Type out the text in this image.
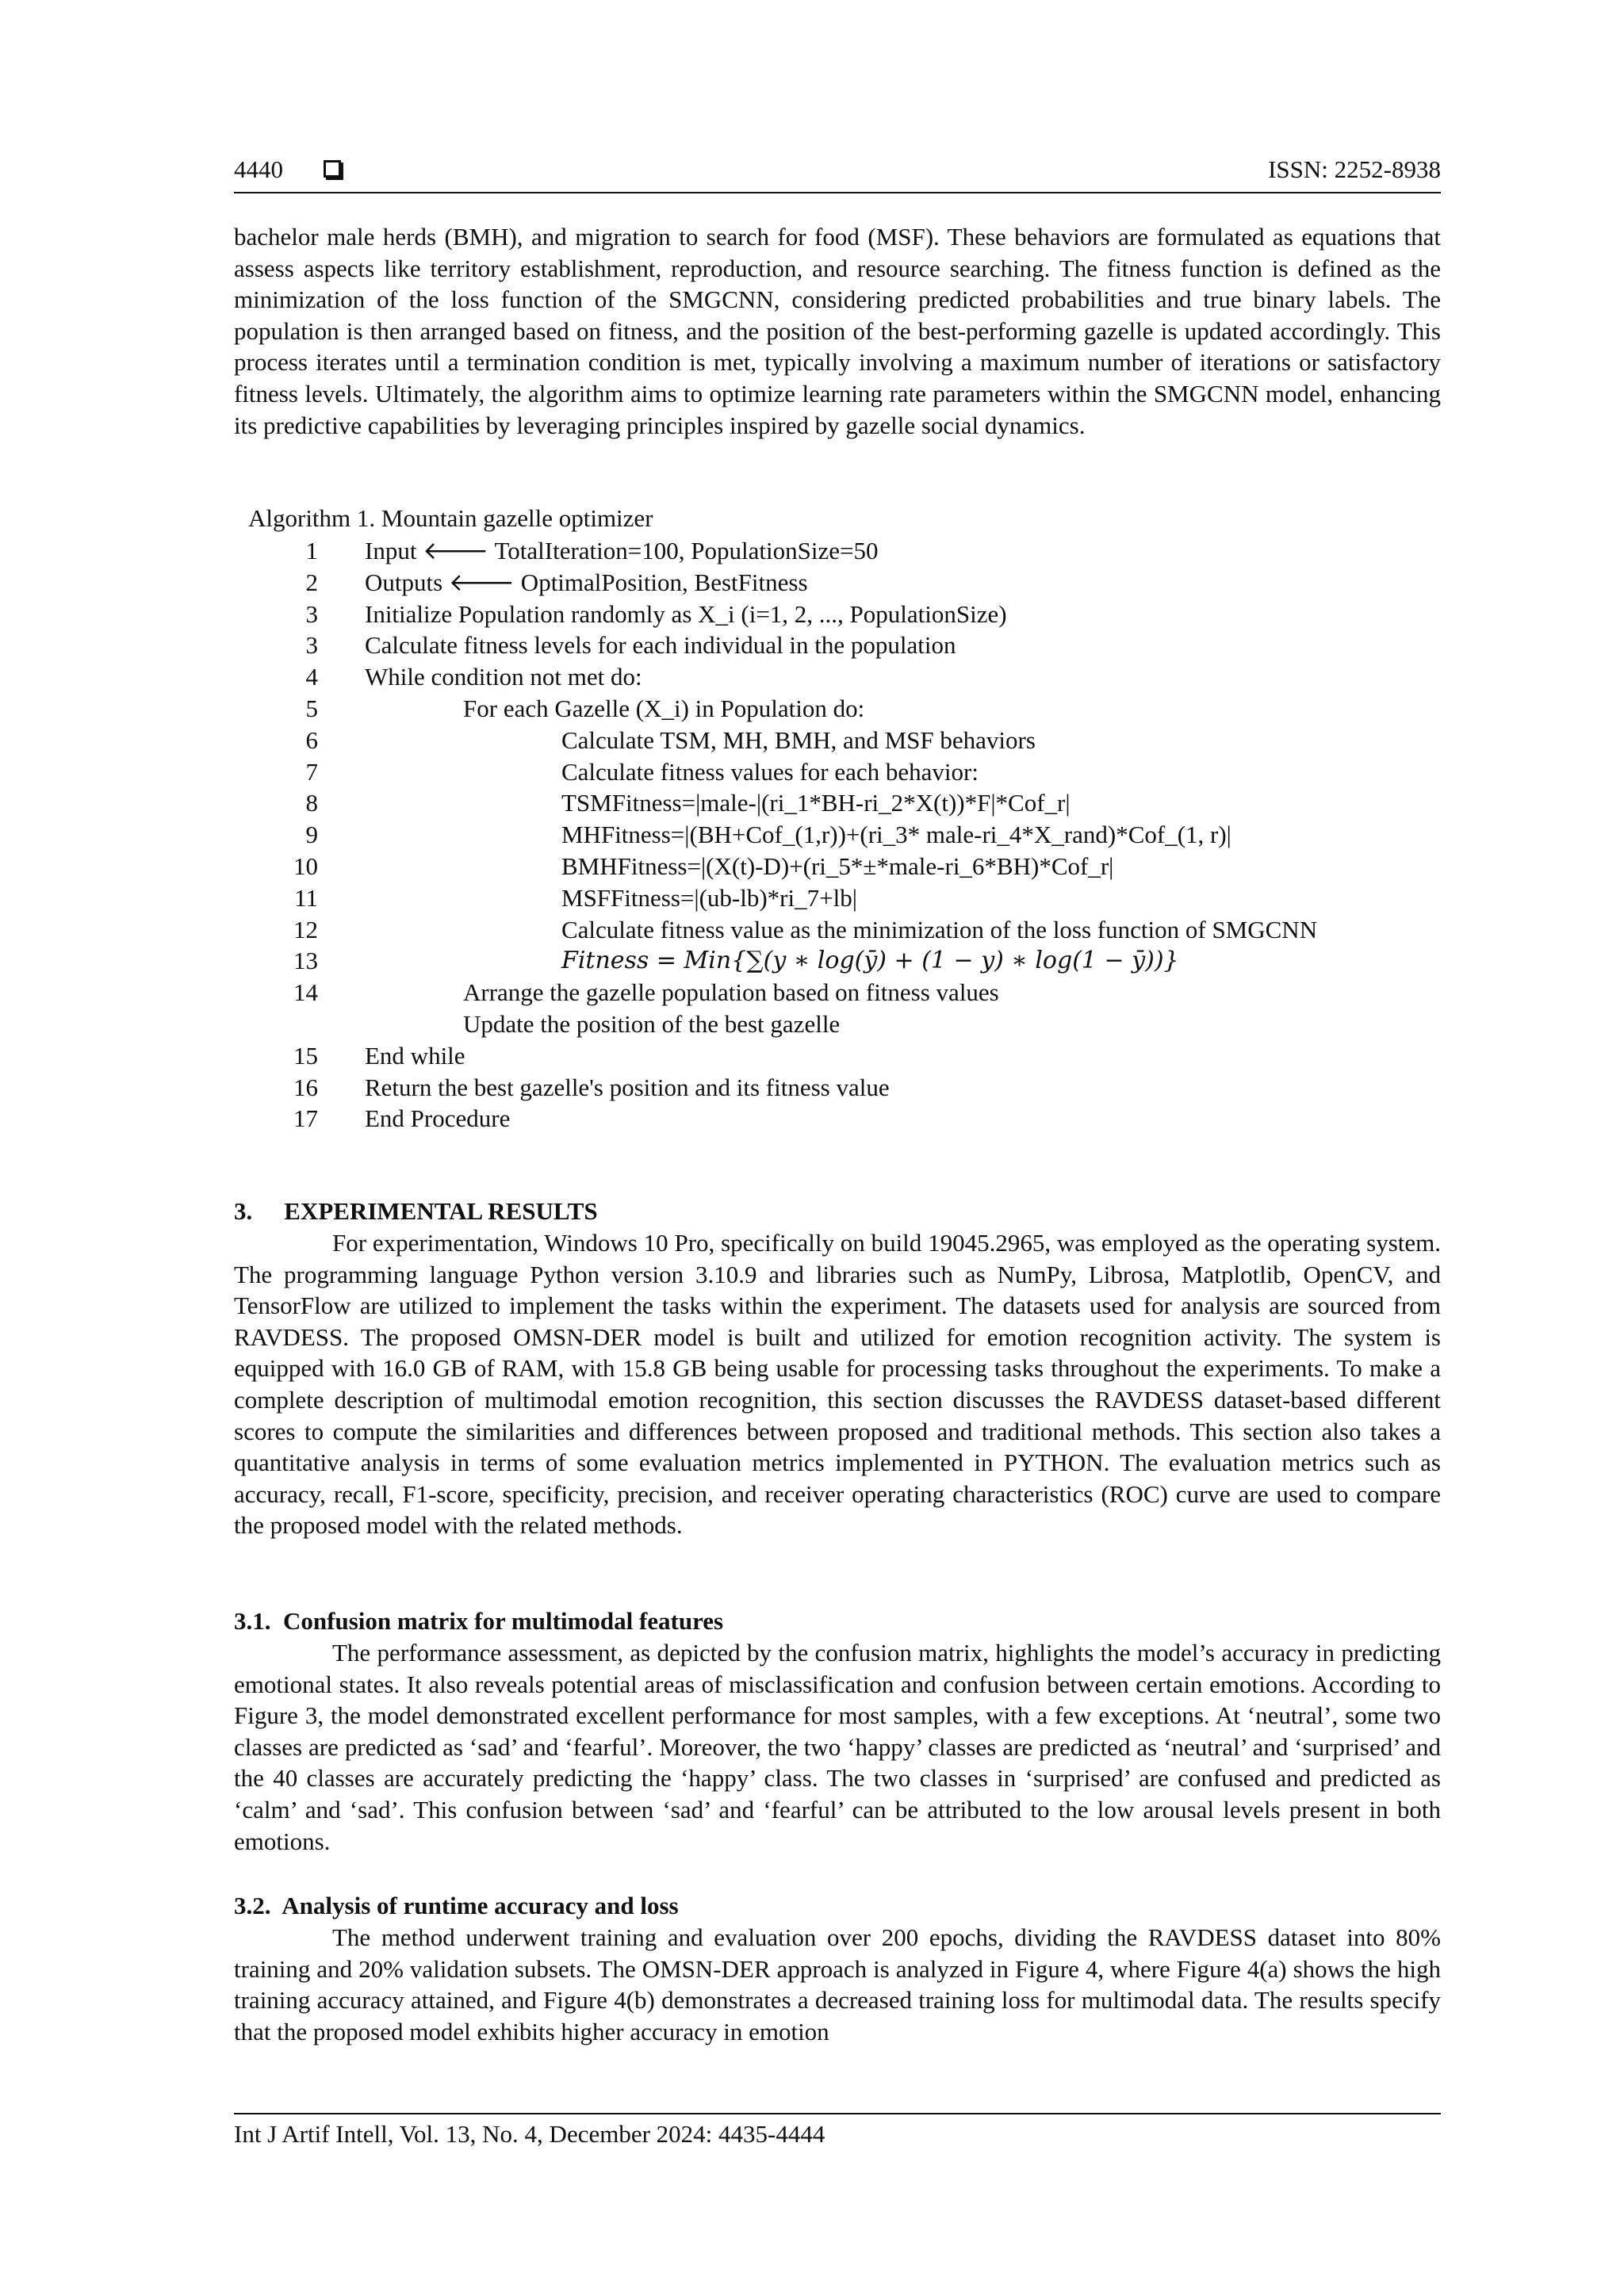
4440	ISSN: 2252-8938

bachelor male herds (BMH), and migration to search for food (MSF). These behaviors are formulated as equations that assess aspects like territory establishment, reproduction, and resource searching. The fitness function is defined as the minimization of the loss function of the SMGCNN, considering predicted probabilities and true binary labels. The population is then arranged based on fitness, and the position of the best-performing gazelle is updated accordingly. This process iterates until a termination condition is met, typically involving a maximum number of iterations or satisfactory fitness levels. Ultimately, the algorithm aims to optimize learning rate parameters within the SMGCNN model, enhancing its predictive capabilities by leveraging principles inspired by gazelle social dynamics.

Algorithm 1. Mountain gazelle optimizer
1 Input 🡐 TotalIteration=100, PopulationSize=50
2 Outputs 🡐 OptimalPosition, BestFitness
3 Initialize Population randomly as X_i (i=1, 2, ..., PopulationSize)
3 Calculate fitness levels for each individual in the population
4 While condition not met do:
5	For each Gazelle (X_i) in Population do:
6	Calculate TSM, MH, BMH, and MSF behaviors
7	Calculate fitness values for each behavior:
8	TSMFitness=|male-|(ri_1*BH-ri_2*X(t))*F|*Cof_r|
9	MHFitness=|(BH+Cof_(1,r))+(ri_3* male-ri_4*X_rand)*Cof_(1, r)|
10	BMHFitness=|(X(t)-D)+(ri_5*±*male-ri_6*BH)*Cof_r|
11	MSFFitness=|(ub-lb)*ri_7+lb|
12	Calculate fitness value as the minimization of the loss function of SMGCNN
13	Fitness = Min{∑(y ∗ log(ȳ) + (1 − y) ∗ log(1 − ȳ))}
14	Arrange the gazelle population based on fitness values
Update the position of the best gazelle
15 End while
16 Return the best gazelle's position and its fitness value
17 End Procedure
3. EXPERIMENTAL RESULTS

For experimentation, Windows 10 Pro, specifically on build 19045.2965, was employed as the operating system. The programming language Python version 3.10.9 and libraries such as NumPy, Librosa, Matplotlib, OpenCV, and TensorFlow are utilized to implement the tasks within the experiment. The datasets used for analysis are sourced from RAVDESS. The proposed OMSN-DER model is built and utilized for emotion recognition activity. The system is equipped with 16.0 GB of RAM, with 15.8 GB being usable for processing tasks throughout the experiments. To make a complete description of multimodal emotion recognition, this section discusses the RAVDESS dataset-based different scores to compute the similarities and differences between proposed and traditional methods. This section also takes a quantitative analysis in terms of some evaluation metrics implemented in PYTHON. The evaluation metrics such as accuracy, recall, F1-score, specificity, precision, and receiver operating characteristics (ROC) curve are used to compare the proposed model with the related methods.

3.1.  Confusion matrix for multimodal features

The performance assessment, as depicted by the confusion matrix, highlights the model’s accuracy in predicting emotional states. It also reveals potential areas of misclassification and confusion between certain emotions. According to Figure 3, the model demonstrated excellent performance for most samples, with a few exceptions. At ‘neutral’, some two classes are predicted as ‘sad’ and ‘fearful’. Moreover, the two ‘happy’ classes are predicted as ‘neutral’ and ‘surprised’ and the 40 classes are accurately predicting the ‘happy’ class. The two classes in ‘surprised’ are confused and predicted as ‘calm’ and ‘sad’. This confusion between ‘sad’ and ‘fearful’ can be attributed to the low arousal levels present in both emotions.

3.2.  Analysis of runtime accuracy and loss

The method underwent training and evaluation over 200 epochs, dividing the RAVDESS dataset into 80% training and 20% validation subsets. The OMSN-DER approach is analyzed in Figure 4, where Figure 4(a) shows the high training accuracy attained, and Figure 4(b) demonstrates a decreased training loss for multimodal data. The results specify that the proposed model exhibits higher accuracy in emotion

Int J Artif Intell, Vol. 13, No. 4, December 2024: 4435-4444
